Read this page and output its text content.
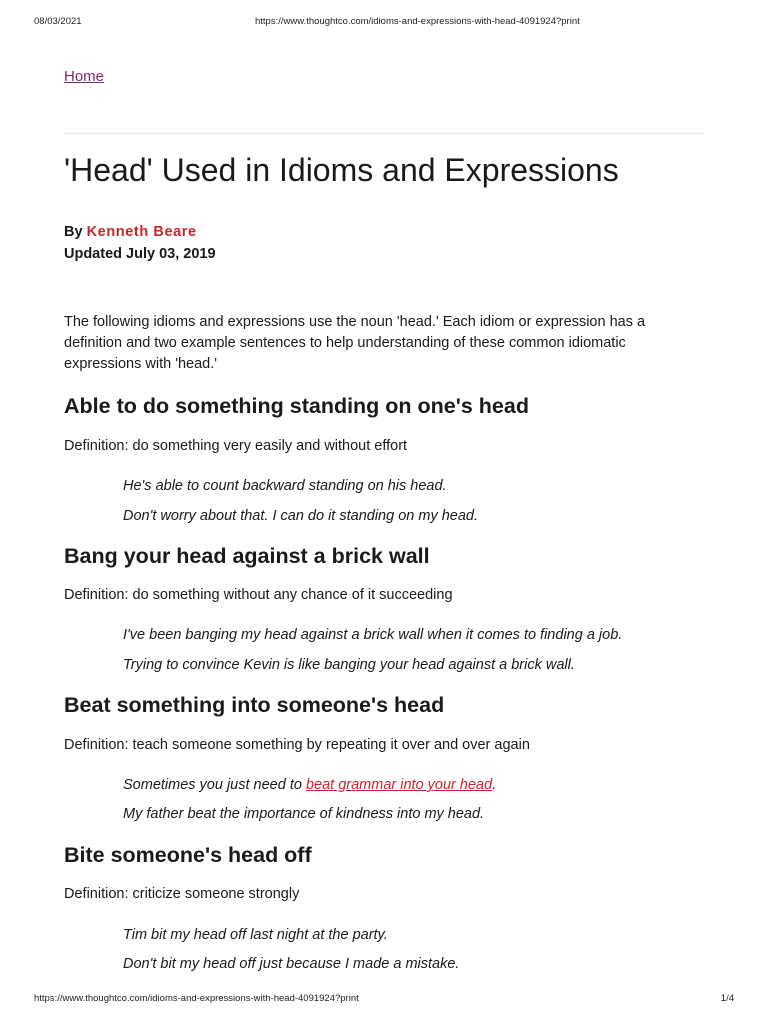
08/03/2021	https://www.thoughtco.com/idioms-and-expressions-with-head-4091924?print
Home
'Head' Used in Idioms and Expressions
By Kenneth Beare
Updated July 03, 2019

The following idioms and expressions use the noun 'head.' Each idiom or expression has a definition and two example sentences to help understanding of these common idiomatic expressions with 'head.'

Able to do something standing on one's head

Definition: do something very easily and without effort

He's able to count backward standing on his head.

Don't worry about that. I can do it standing on my head.

Bang your head against a brick wall

Definition: do something without any chance of it succeeding

I've been banging my head against a brick wall when it comes to finding a job.

Trying to convince Kevin is like banging your head against a brick wall.

Beat something into someone's head

Definition: teach someone something by repeating it over and over again

Sometimes you just need to beat grammar into your head.

My father beat the importance of kindness into my head.

Bite someone's head off

Definition: criticize someone strongly

Tim bit my head off last night at the party.

Don't bit my head off just because I made a mistake.

https://www.thoughtco.com/idioms-and-expressions-with-head-4091924?print	1/4
